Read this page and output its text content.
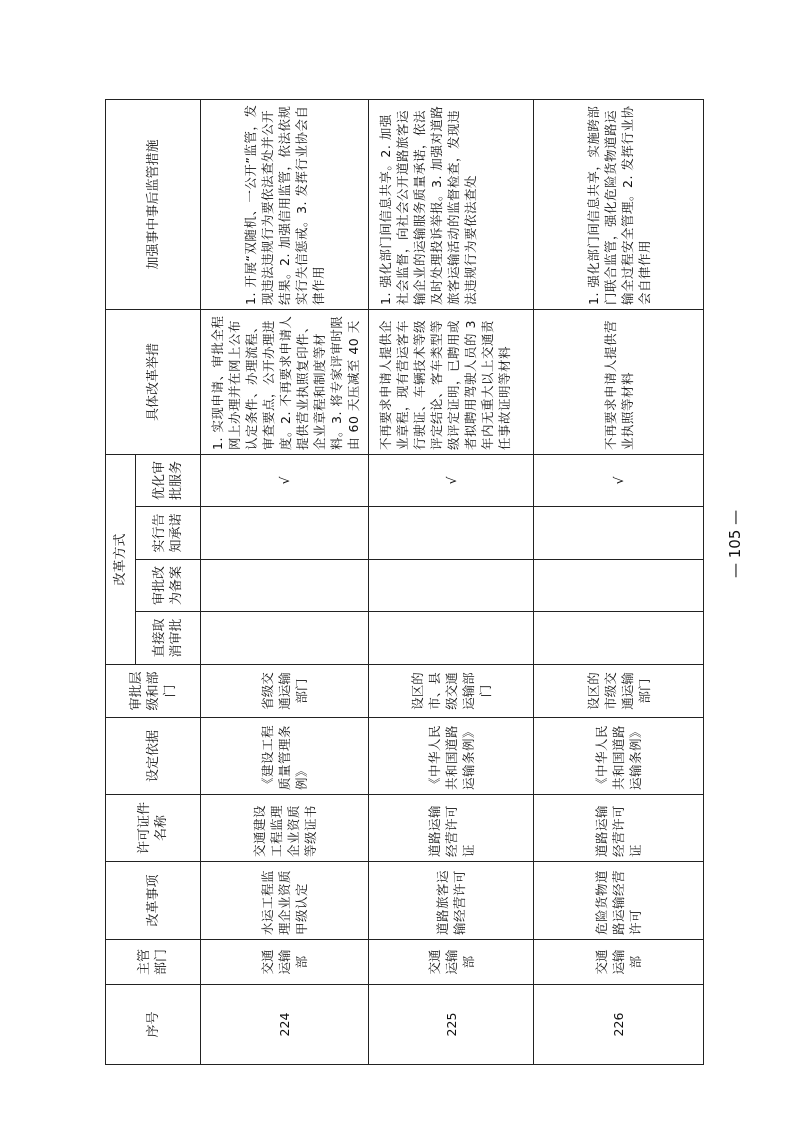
序号	主管部门	改革事项	许可证件名称	设定依据	审批层级和部门	改革方式				具体改革举措	加强事中事后监管措施
						直接取消审批	审批改为备案	实行告知承诺	优化审批服务		
224	交通运输部	水运工程监理企业资质甲级认定	交通建设工程监理企业资质等级证书	《建设工程质量管理条例》	省级交通运输部门				√	1. 实现申请、审批全程网上办理并在网上公布认定条件、办理流程、审查要点，公开办理进度。2. 不再要求申请人提供营业执照复印件、企业章程和制度等材料。3. 将专家评审时限由 60 天压减至 40 天	1. 开展“双随机、一公开”监管，发现违法违规行为要依法查处并公开结果。2. 加强信用监管，依法依规实行失信惩戒。3. 发挥行业协会自律作用
225	交通运输部	道路旅客运输经营许可	道路运输经营许可证	《中华人民共和国道路运输条例》	设区的市、县级交通运输部门				√	不再要求申请人提供企业章程，现有营运客车行驶证、车辆技术等级评定结论、客车类型等级评定证明，已聘用或者拟聘用驾驶人员的 3 年内无重大以上交通责任事故证明等材料	1. 强化部门间信息共享。2. 加强社会监督，向社会公开道路旅客运输企业的运输服务质量承诺，依法及时处理投诉举报。3. 加强对道路旅客运输活动的监督检查，发现违法违规行为要依法查处
226	交通运输部	危险货物道路运输经营许可	道路运输经营许可证	《中华人民共和国道路运输条例》	设区的市级交通运输部门				√	不再要求申请人提供营业执照等材料	1. 强化部门间信息共享，实施跨部门联合监管，强化危险货物道路运输全过程安全管理。2. 发挥行业协会自律作用
— 105 —
